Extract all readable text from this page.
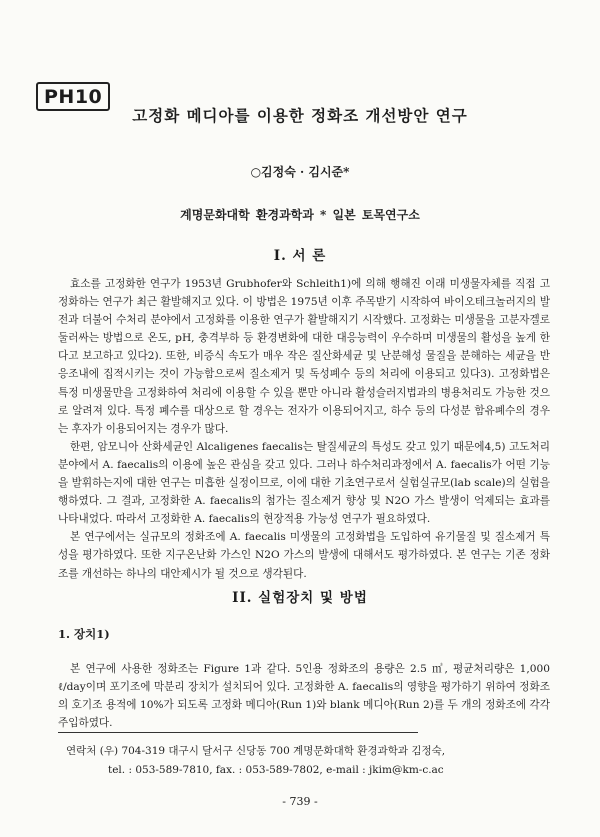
PH10
고정화 메디아를 이용한 정화조 개선방안 연구
○김정숙 · 김시준*
계명문화대학 환경과학과 * 일본 토목연구소
I. 서 론

효소를 고정화한 연구가 1953년 Grubhofer와 Schleith1)에 의해 행해진 이래 미생물자체를 직접 고정화하는 연구가 최근 활발해지고 있다. 이 방법은 1975년 이후 주목받기 시작하여 바이오테크놀러지의 발전과 더불어 수처리 분야에서 고정화를 이용한 연구가 활발해지기 시작했다. 고정화는 미생물을 고분자겔로 둘러싸는 방법으로 온도, pH, 충격부하 등 환경변화에 대한 대응능력이 우수하며 미생물의 활성을 높게 한다고 보고하고 있다2). 또한, 비증식 속도가 매우 작은 질산화세균 및 난분해성 물질을 분해하는 세균을 반응조내에 집적시키는 것이 가능함으로써 질소제거 및 독성폐수 등의 처리에 이용되고 있다3). 고정화법은 특정 미생물만을 고정화하여 처리에 이용할 수 있을 뿐만 아니라 활성슬러지법과의 병용처리도 가능한 것으로 알려져 있다. 특정 폐수를 대상으로 할 경우는 전자가 이용되어지고, 하수 등의 다성분 함유폐수의 경우는 후자가 이용되어지는 경우가 많다.

한편, 암모니아 산화세균인 Alcaligenes faecalis는 탈질세균의 특성도 갖고 있기 때문에4,5) 고도처리분야에서 A. faecalis의 이용에 높은 관심을 갖고 있다. 그러나 하수처리과정에서 A. faecalis가 어떤 기능을 발휘하는지에 대한 연구는 미흡한 실정이므로, 이에 대한 기초연구로서 실험실규모(lab scale)의 실험을 행하였다. 그 결과, 고정화한 A. faecalis의 첨가는 질소제거 향상 및 N2O 가스 발생이 억제되는 효과를 나타내었다. 따라서 고정화한 A. faecalis의 현장적용 가능성 연구가 필요하였다.

본 연구에서는 실규모의 정화조에 A. faecalis 미생물의 고정화법을 도입하여 유기물질 및 질소제거 특성을 평가하였다. 또한 지구온난화 가스인 N2O 가스의 발생에 대해서도 평가하였다. 본 연구는 기존 정화조를 개선하는 하나의 대안제시가 될 것으로 생각된다.

II. 실험장치 및 방법
1. 장치1)

본 연구에 사용한 정화조는 Figure 1과 같다. 5인용 정화조의 용량은 2.5 ㎥, 평균처리량은 1,000 ℓ/day이며 포기조에 막분리 장치가 설치되어 있다. 고정화한 A. faecalis의 영향을 평가하기 위하여 정화조의 호기조 용적에 10%가 되도록 고정화 메디아(Run 1)와 blank 메디아(Run 2)를 두 개의 정화조에 각각 주입하였다.

연락처 (우) 704-319 대구시 달서구 신당동 700 계명문화대학 환경과학과 김정숙,
tel. : 053-589-7810, fax. : 053-589-7802, e-mail : jkim@km-c.ac
- 739 -
